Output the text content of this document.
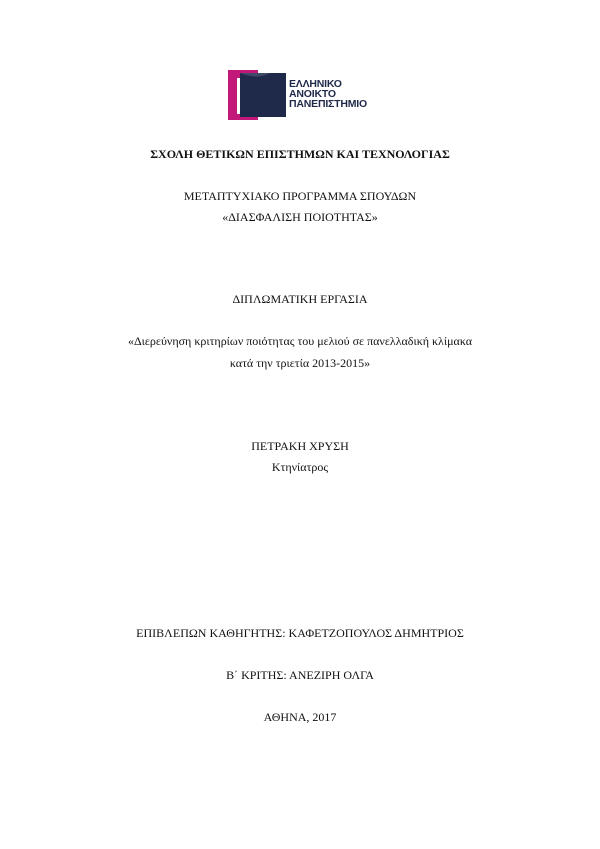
ΕΛΛΗΝΙΚΟ
ΑΝΟΙΚΤΟ
ΠΑΝΕΠΙΣΤΗΜΙΟ
ΣΧΟΛΗ ΘΕΤΙΚΩΝ ΕΠΙΣΤΗΜΩΝ ΚΑΙ ΤΕΧΝΟΛΟΓΙΑΣ
ΜΕΤΑΠΤΥΧΙΑΚΟ ΠΡΟΓΡΑΜΜΑ ΣΠΟΥΔΩΝ
«ΔΙΑΣΦΑΛΙΣΗ ΠΟΙΟΤΗΤΑΣ»
ΔΙΠΛΩΜΑΤΙΚΗ ΕΡΓΑΣΙΑ
«Διερεύνηση κριτηρίων ποιότητας του μελιού σε πανελλαδική κλίμακα
κατά την τριετία 2013-2015»
ΠΕΤΡΑΚΗ ΧΡΥΣΗ
Κτηνίατρος
ΕΠΙΒΛΕΠΩΝ ΚΑΘΗΓΗΤΗΣ: ΚΑΦΕΤΖΟΠΟΥΛΟΣ ΔΗΜΗΤΡΙΟΣ
Β΄ ΚΡΙΤΗΣ: ΑΝΕΖΙΡΗ ΟΛΓΑ
ΑΘΗΝΑ, 2017
